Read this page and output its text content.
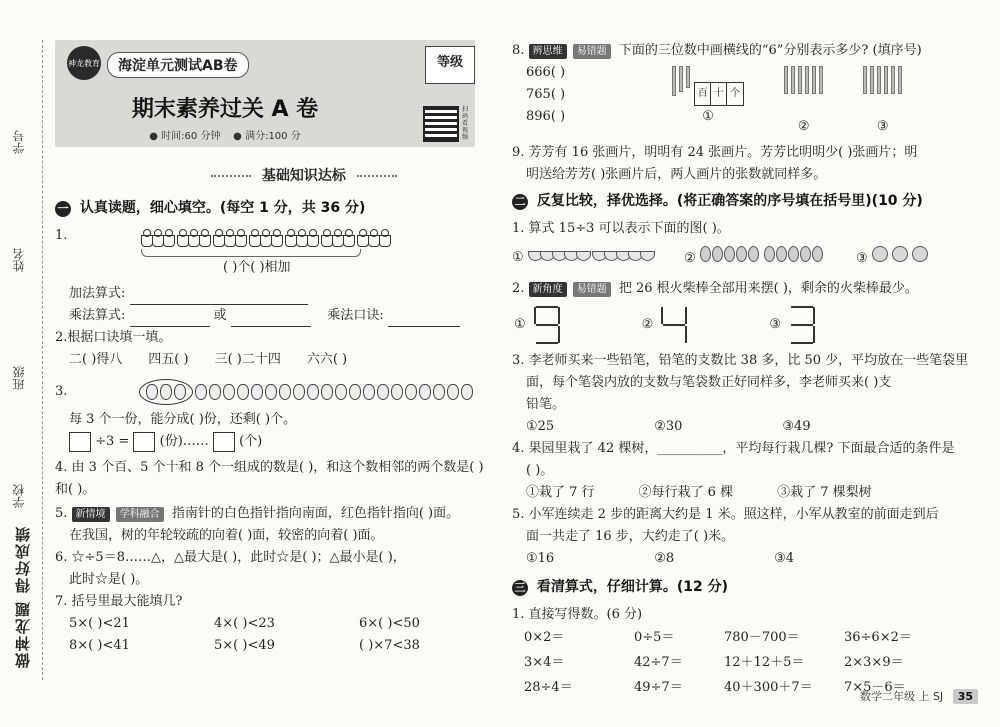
学号
姓名
班级
学校
做神龙题 得好成绩
神龙教育	海淀单元测试AB卷	等级
期末素养过关 A 卷
● 时间:60 分钟 ● 满分:100 分
扫码看视频
基础知识达标
一 认真读题，细心填空。(每空 1 分，共 36 分)
1.
( )个( )相加
加法算式:
乘法算式:	或	乘法口诀:
2.根据口诀填一填。
二( )得八 四五( ) 三( )二十四 六六( )
3.
每 3 个一份，能分成( )份，还剩( )个。
÷3 = (份)…… (个)
4. 由 3 个百、5 个十和 8 个一组成的数是( )，和这个数相邻的两个数是( )和( )。
5. 新情境 学科融合 指南针的白色指针指向南面，红色指针指向( )面。
在我国，树的年轮较疏的向着( )面，较密的向着( )面。
6. ☆÷5＝8……△，△最大是( )，此时☆是( )；△最小是( )，
此时☆是( )。
7. 括号里最大能填几?
5×( )<21	4×( )<23	6×( )<50
8×( )<41	5×( )<49	( )×7<38
8. 辨思维 易错题 下面的三位数中画横线的“6”分别表示多少? (填序号)
666( )
765( )
896( )

百 十 个
①
②	③
9. 芳芳有 16 张画片，明明有 24 张画片。芳芳比明明少( )张画片；明
明送给芳芳( )张画片后，两人画片的张数就同样多。
二 反复比较，择优选择。(将正确答案的序号填在括号里)(10 分)
1. 算式 15÷3 可以表示下面的图( )。
①	②	③
2. 新角度 易错题 把 26 根火柴棒全部用来摆( )，剩余的火柴棒最少。
①	②	③
3. 李老师买来一些铅笔，铅笔的支数比 38 多，比 50 少，平均放在一些笔袋里
面，每个笔袋内放的支数与笔袋数正好同样多，李老师买来( )支
铅笔。
①25	②30	③49
4. 果园里栽了 42 棵树，__________，平均每行栽几棵? 下面最合适的条件是
( )。
①栽了 7 行	②每行栽了 6 棵	③栽了 7 棵梨树
5. 小军连续走 2 步的距离大约是 1 米。照这样，小军从教室的前面走到后
面一共走了 16 步，大约走了( )米。
①16	②8	③4
三 看清算式，仔细计算。(12 分)
1. 直接写得数。(6 分)
0×2＝	0÷5＝	780－700＝	36÷6×2＝
3×4＝	42÷7＝	12＋12＋5＝	2×3×9＝
28÷4＝	49÷7＝	40＋300＋7＝	7×5－6＝
数学二年级 上 SJ 35
